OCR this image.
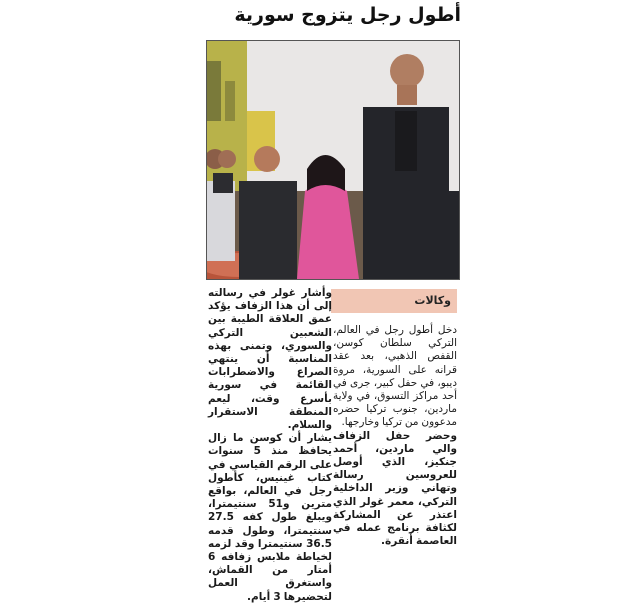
أطول رجل يتزوج سورية
وكالات

دخل أطول رجل في العالم، التركي سلطان كوسن، القفص الذهبي، بعد عقد قرانه على السورية، مروة ديبو، في حفل كبير، جرى في أحد مراكز التسوق، في ولاية ماردين، جنوب تركيا حضره مدعوون من تركيا وخارجها.

وحضر حفل الزفاف والي ماردين، أحمد جنكيز، الذي أوصل للعروسين رسالة وتهاني وزير الداخلية التركي، معمر غولر الذي اعتذر عن المشاركة لكثافة برنامج عمله في العاصمة أنقرة.

وأشار غولر في رسالته إلى أن هذا الزفاف يؤكد عمق العلاقة الطيبة بين الشعبين التركي والسوري، وتمنى بهذه المناسبة أن ينتهي الصراع والاضطرابات القائمة في سورية بأسرع وقت، ليعم المنطقة الاستقرار والسلام.

يشار أن كوسن ما زال يحافظ منذ 5 سنوات على الرقم القياسي في كتاب غينيس، كأطول رجل في العالم، بواقع مترين و51 سنتيمترا، ويبلغ طول كفه 27.5 سنتيمترا، وطول قدمه 36.5 سنتيمترا وقد لزمه لخياطة ملابس زفافه 6 أمتار من القماش، واستغرق العمل لتحضيرها 3 أيام.
